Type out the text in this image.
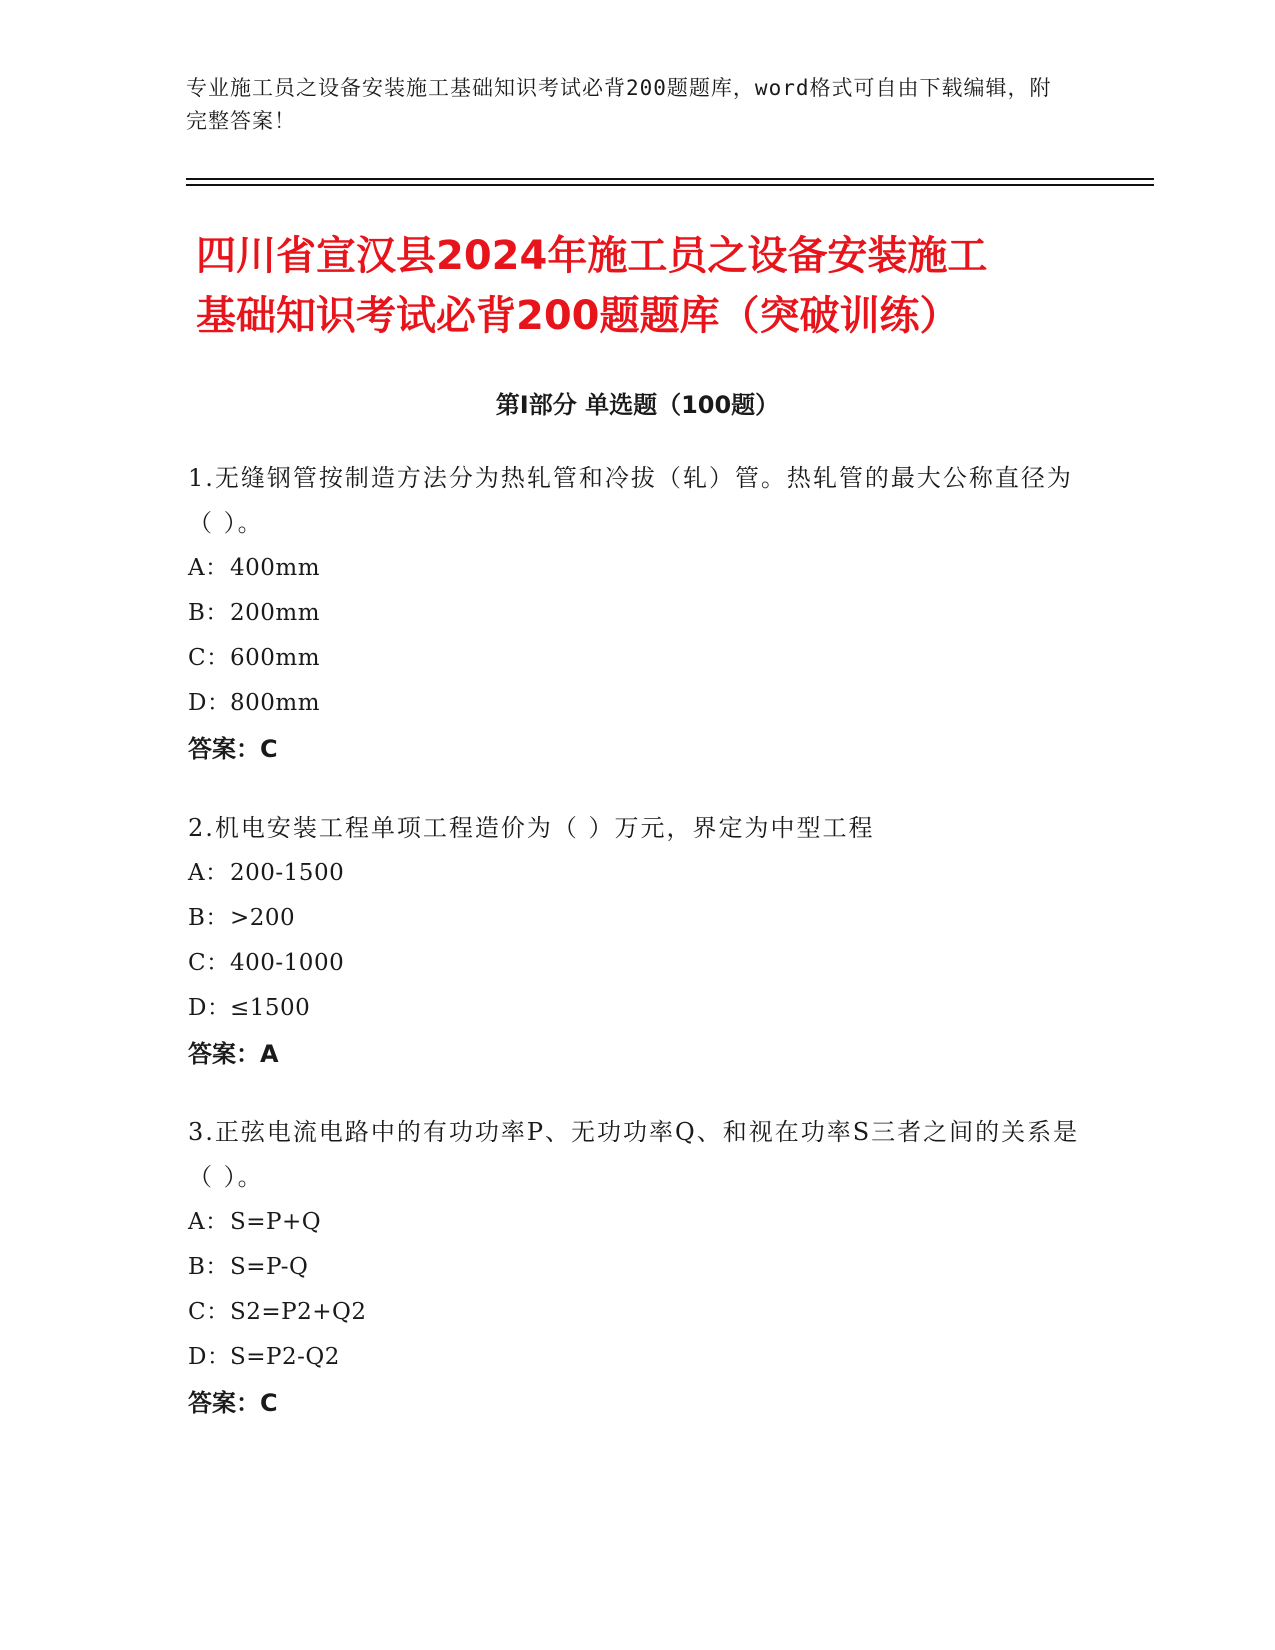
专业施工员之设备安装施工基础知识考试必背200题题库，word格式可自由下载编辑，附完整答案！
四川省宣汉县2024年施工员之设备安装施工
基础知识考试必背200题题库（突破训练）
第I部分 单选题（100题）

1.无缝钢管按制造方法分为热轧管和冷拔（轧）管。热轧管的最大公称直径为（ ）。

A：400mm

B：200mm

C：600mm

D：800mm

答案：C

2.机电安装工程单项工程造价为（ ）万元，界定为中型工程

A：200-1500

B：>200

C：400-1000

D：≤1500

答案：A

3.正弦电流电路中的有功功率P、无功功率Q、和视在功率S三者之间的关系是（ ）。

A：S=P+Q

B：S=P-Q

C：S2=P2+Q2

D：S=P2-Q2

答案：C
